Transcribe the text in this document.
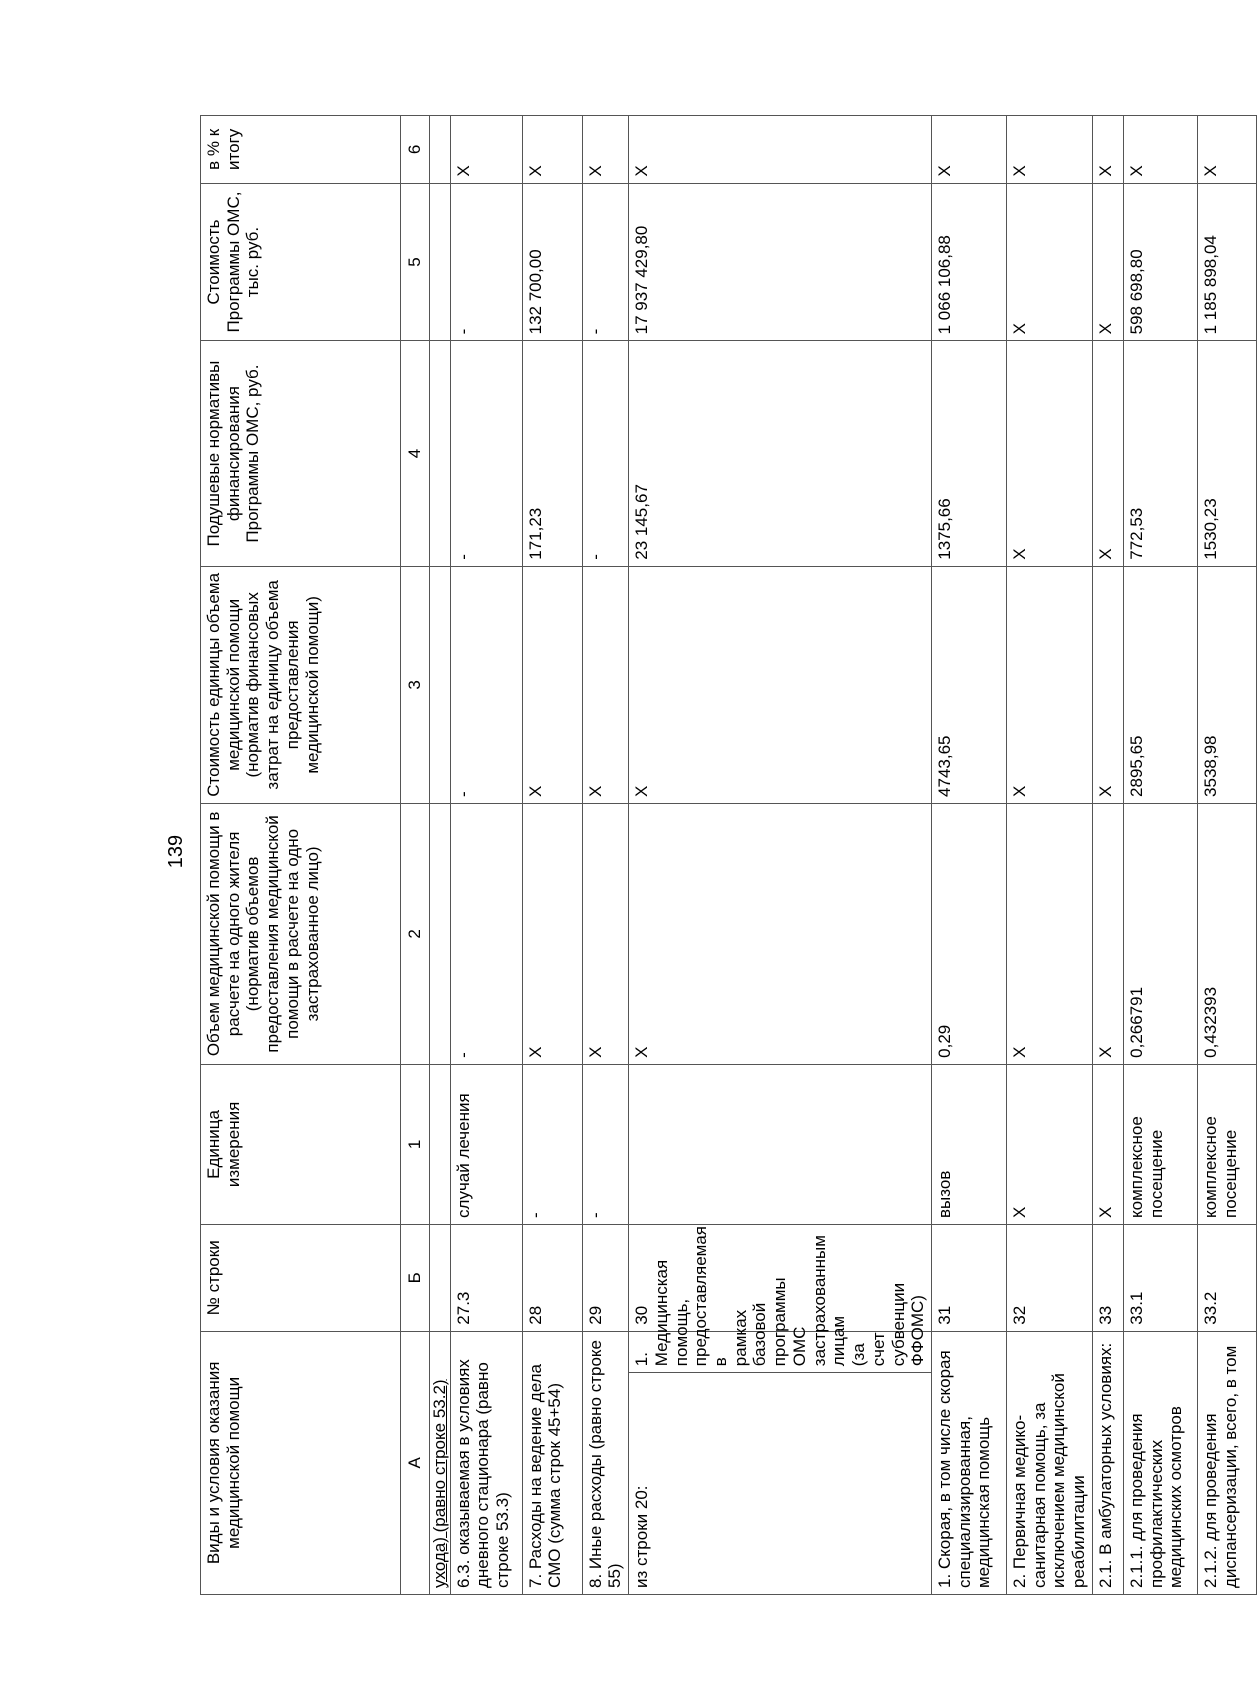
139
Виды и условия оказания медицинской помощи		№ строки	Единица измерения	Объем медицинской помощи в расчете на одного жителя (норматив объемов предоставления медицинской помощи в расчете на одно застрахованное лицо)	Стоимость единицы объема медицинской помощи (норматив финансовых затрат на единицу объема предоставления медицинской помощи)	Подушевые нормативы финансирования Программы ОМС, руб.	Стоимость Программы ОМС, тыс. руб.	в % к итогу
А		Б	1	2	3	4	5	6
ухода) (равно строке 53.2)								
6.3. оказываемая в условиях дневного стационара (равно строке 53.3)		27.3	случай лечения	-	-	-	-	Х
7. Расходы на ведение дела СМО (сумма строк 45+54)		28	-	Х	Х	171,23	132 700,00	Х
8. Иные расходы (равно строке 55)		29	-	Х	Х	-	-	Х
из строки 20:	1. Медицинская помощь, предоставляемая в рамках базовой программы ОМС застрахованным лицам (за счет субвенции ФФОМС)	30		Х	Х	23 145,67	17 937 429,80	Х
1. Скорая, в том числе скорая специализированная, медицинская помощь		31	вызов	0,29	4743,65	1375,66	1 066 106,88	Х
2. Первичная медико-санитарная помощь, за исключением медицинской реабилитации		32	Х	Х	Х	Х	Х	Х
2.1. В амбулаторных условиях:		33	Х	Х	Х	Х	Х	Х
2.1.1. для проведения профилактических медицинских осмотров		33.1	комплексное посещение	0,266791	2895,65	772,53	598 698,80	Х
2.1.2. для проведения диспансеризации, всего, в том		33.2	комплексное посещение	0,432393	3538,98	1530,23	1 185 898,04	Х
